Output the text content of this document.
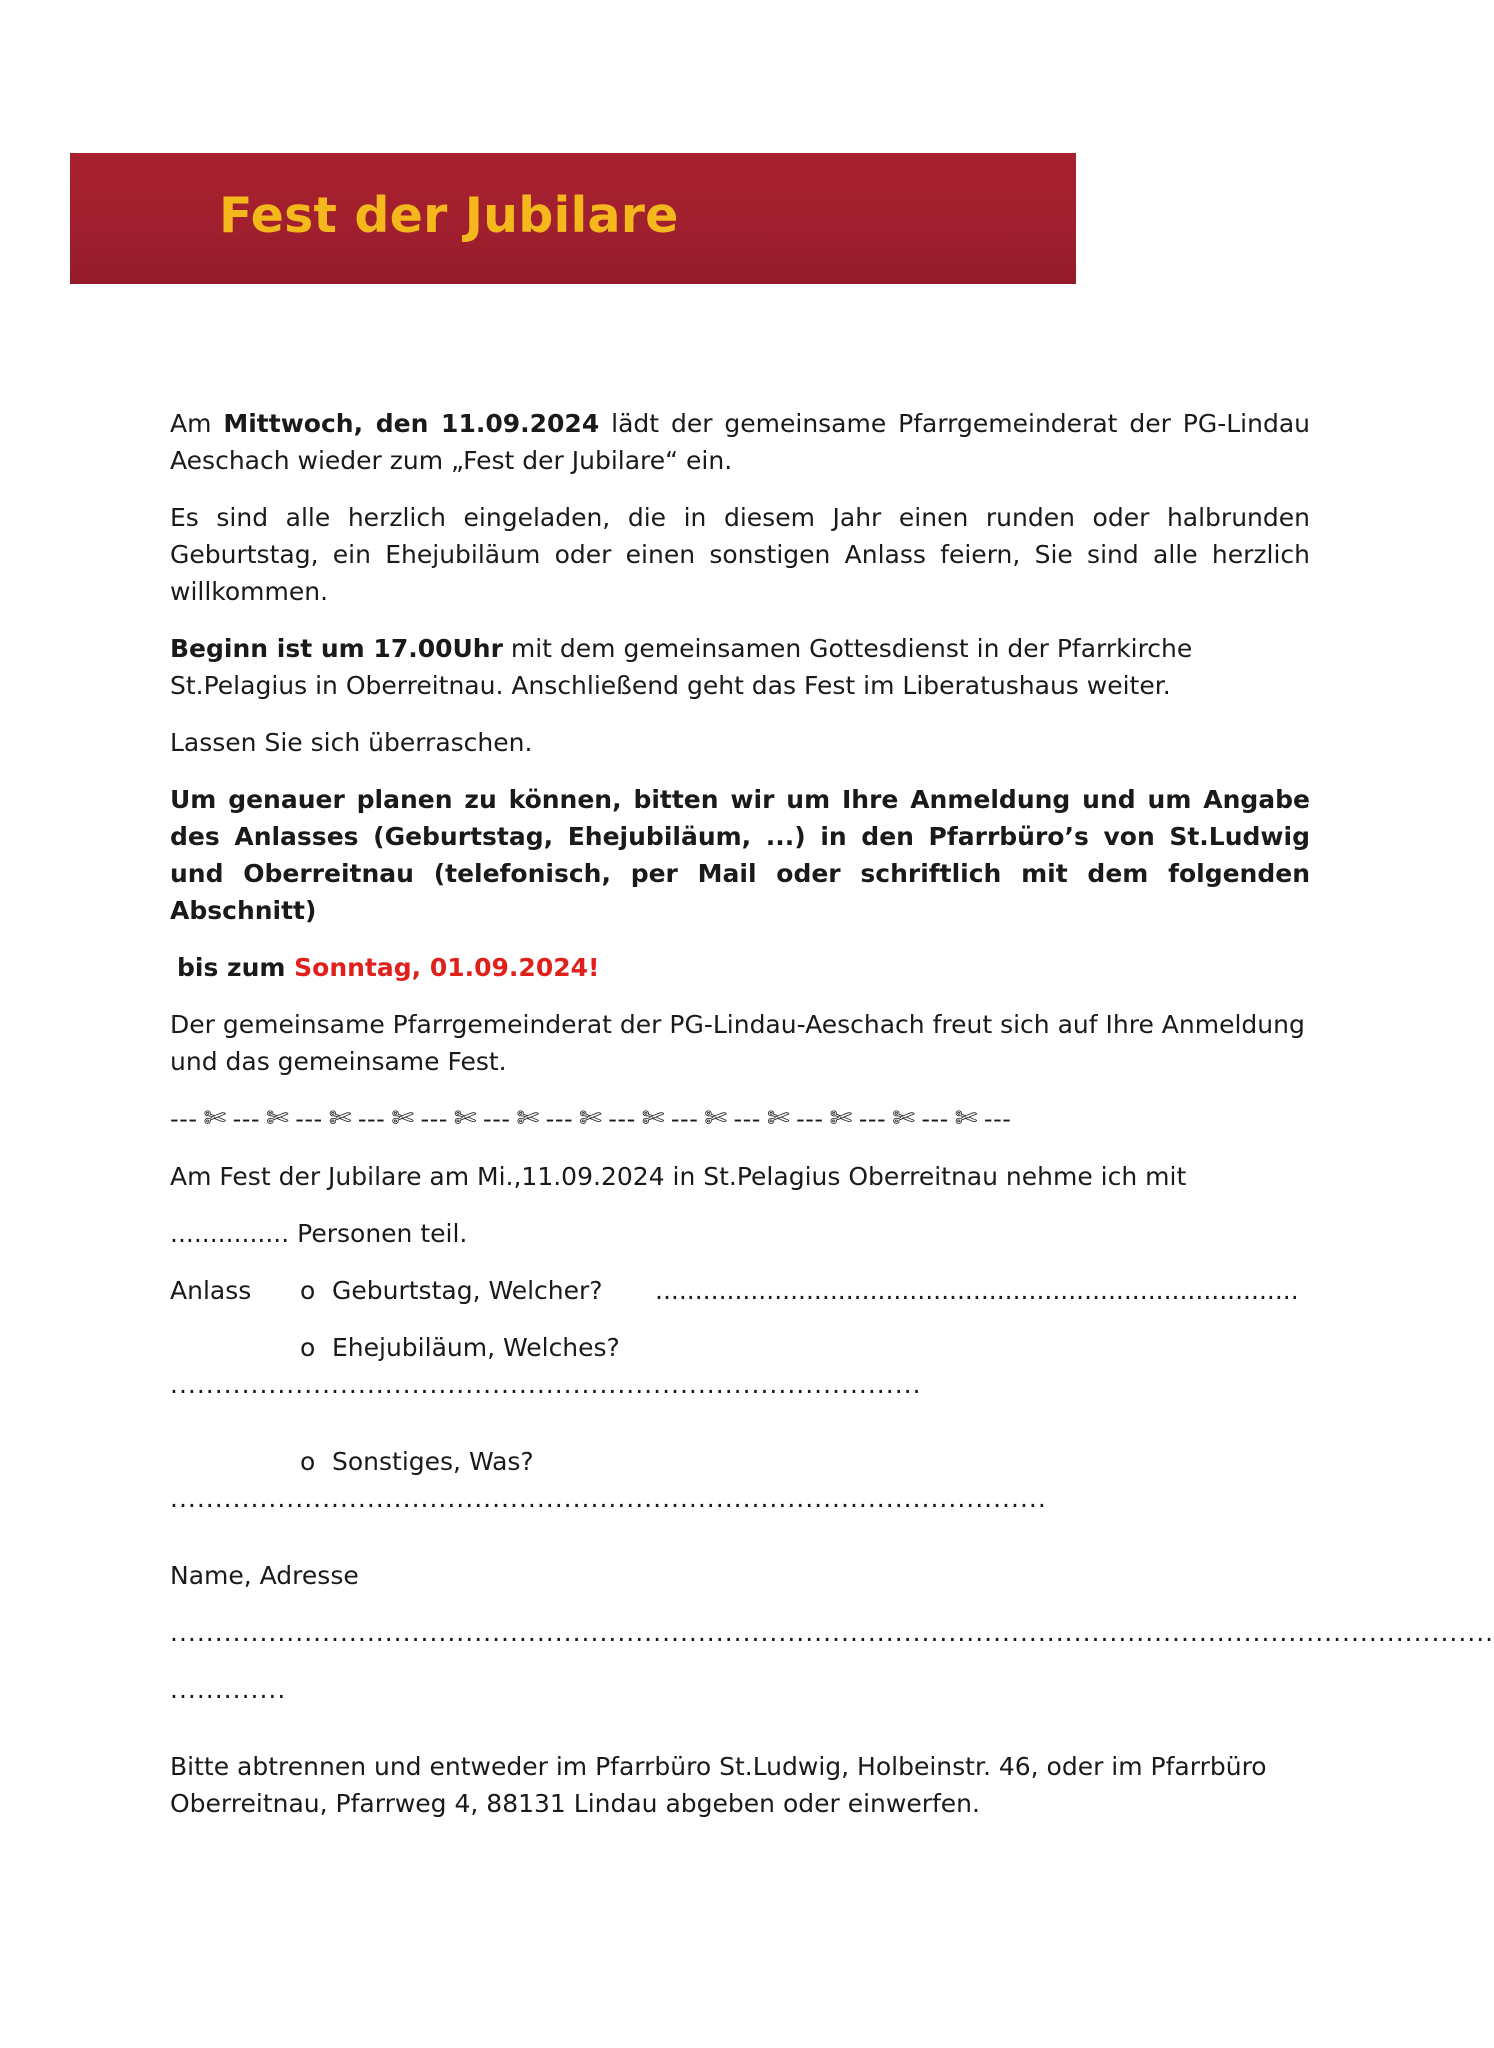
Fest der Jubilare

Am Mittwoch, den 11.09.2024 lädt der gemeinsame Pfarrgemeinderat der PG-Lindau Aeschach wieder zum „Fest der Jubilare“ ein.

Es sind alle herzlich eingeladen, die in diesem Jahr einen runden oder halbrunden Geburtstag, ein Ehejubiläum oder einen sonstigen Anlass feiern, Sie sind alle herzlich willkommen.

Beginn ist um 17.00Uhr mit dem gemeinsamen Gottesdienst in der Pfarrkirche St.Pelagius in Oberreitnau. Anschließend geht das Fest im Liberatushaus weiter.

Lassen Sie sich überraschen.

Um genauer planen zu können, bitten wir um Ihre Anmeldung und um Angabe des Anlasses (Geburtstag, Ehejubiläum, ...) in den Pfarrbüro’s von St.Ludwig und Oberreitnau (telefonisch, per Mail oder schriftlich mit dem folgenden Abschnitt)

bis zum Sonntag, 01.09.2024!

Der gemeinsame Pfarrgemeinderat der PG-Lindau-Aeschach freut sich auf Ihre Anmeldung und das gemeinsame Fest.

--- ✄ --- ✄ --- ✄ --- ✄ --- ✄ --- ✄ --- ✄ --- ✄ --- ✄ --- ✄ --- ✄ --- ✄ --- ✄ ---

Am Fest der Jubilare am Mi.,11.09.2024 in St.Pelagius Oberreitnau nehme ich mit

............... Personen teil.

Anlass o Geburtstag, Welcher? .................................................................................
o Ehejubiläum, Welches?

....................................................................................

o Sonstiges, Was?

..................................................................................................

Name, Adresse

....................................................................................................................................................

.............

Bitte abtrennen und entweder im Pfarrbüro St.Ludwig, Holbeinstr. 46, oder im Pfarrbüro Oberreitnau, Pfarrweg 4, 88131 Lindau abgeben oder einwerfen.
